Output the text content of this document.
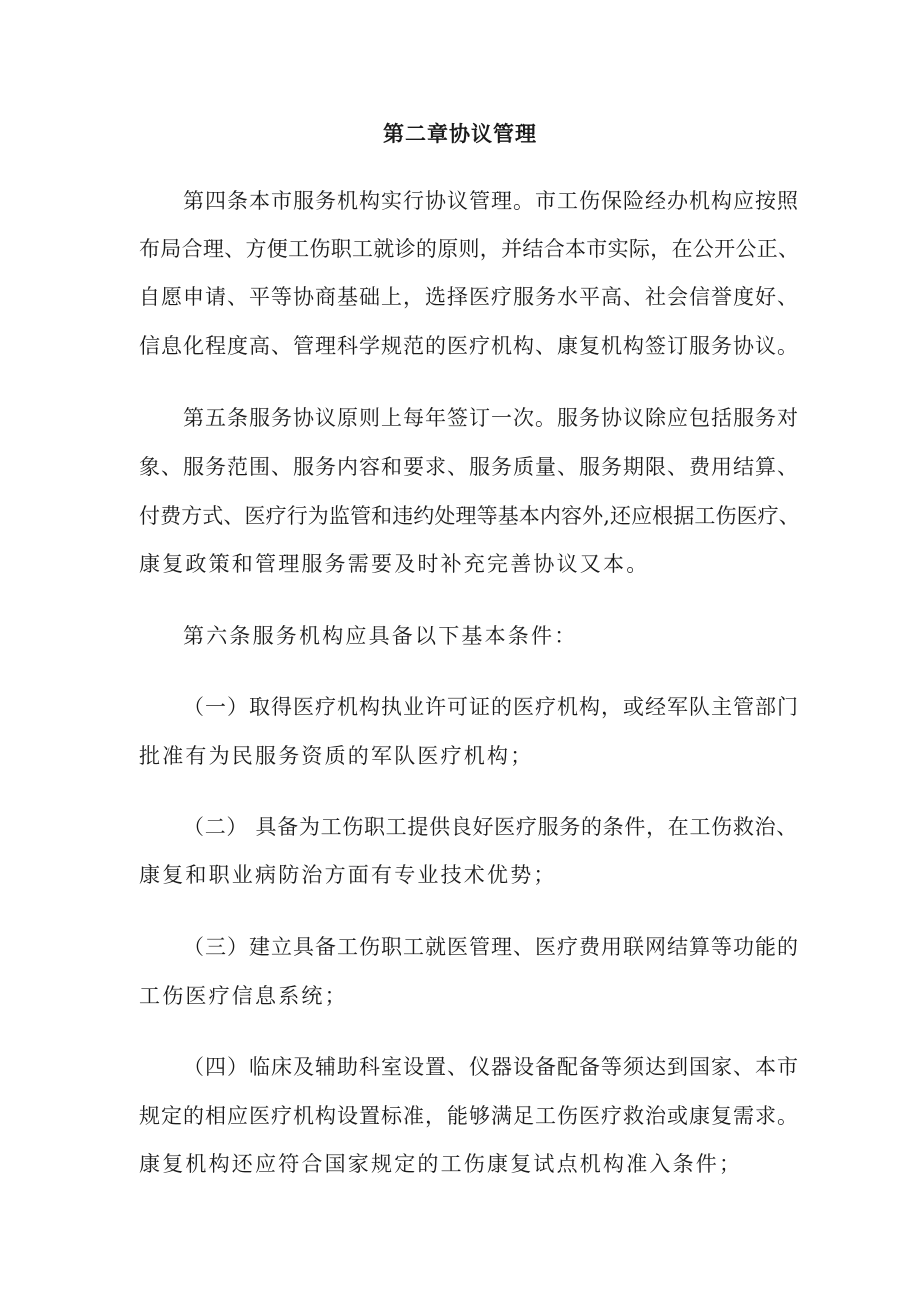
第二章协议管理
第四条本市服务机构实行协议管理。市工伤保险经办机构应按照
布局合理、方便工伤职工就诊的原则，并结合本市实际，在公开公正、
自愿申请、平等协商基础上，选择医疗服务水平高、社会信誉度好、
信息化程度高、管理科学规范的医疗机构、康复机构签订服务协议。
第五条服务协议原则上每年签订一次。服务协议除应包括服务对
象、服务范围、服务内容和要求、服务质量、服务期限、费用结算、
付费方式、医疗行为监管和违约处理等基本内容外,还应根据工伤医疗、
康复政策和管理服务需要及时补充完善协议又本。
第六条服务机构应具备以下基本条件：
（一）取得医疗机构执业许可证的医疗机构，或经军队主管部门
批准有为民服务资质的军队医疗机构；
（二） 具备为工伤职工提供良好医疗服务的条件，在工伤救治、
康复和职业病防治方面有专业技术优势；
（三）建立具备工伤职工就医管理、医疗费用联网结算等功能的
工伤医疗信息系统；
（四）临床及辅助科室设置、仪器设备配备等须达到国家、本市
规定的相应医疗机构设置标准，能够满足工伤医疗救治或康复需求。
康复机构还应符合国家规定的工伤康复试点机构准入条件；
